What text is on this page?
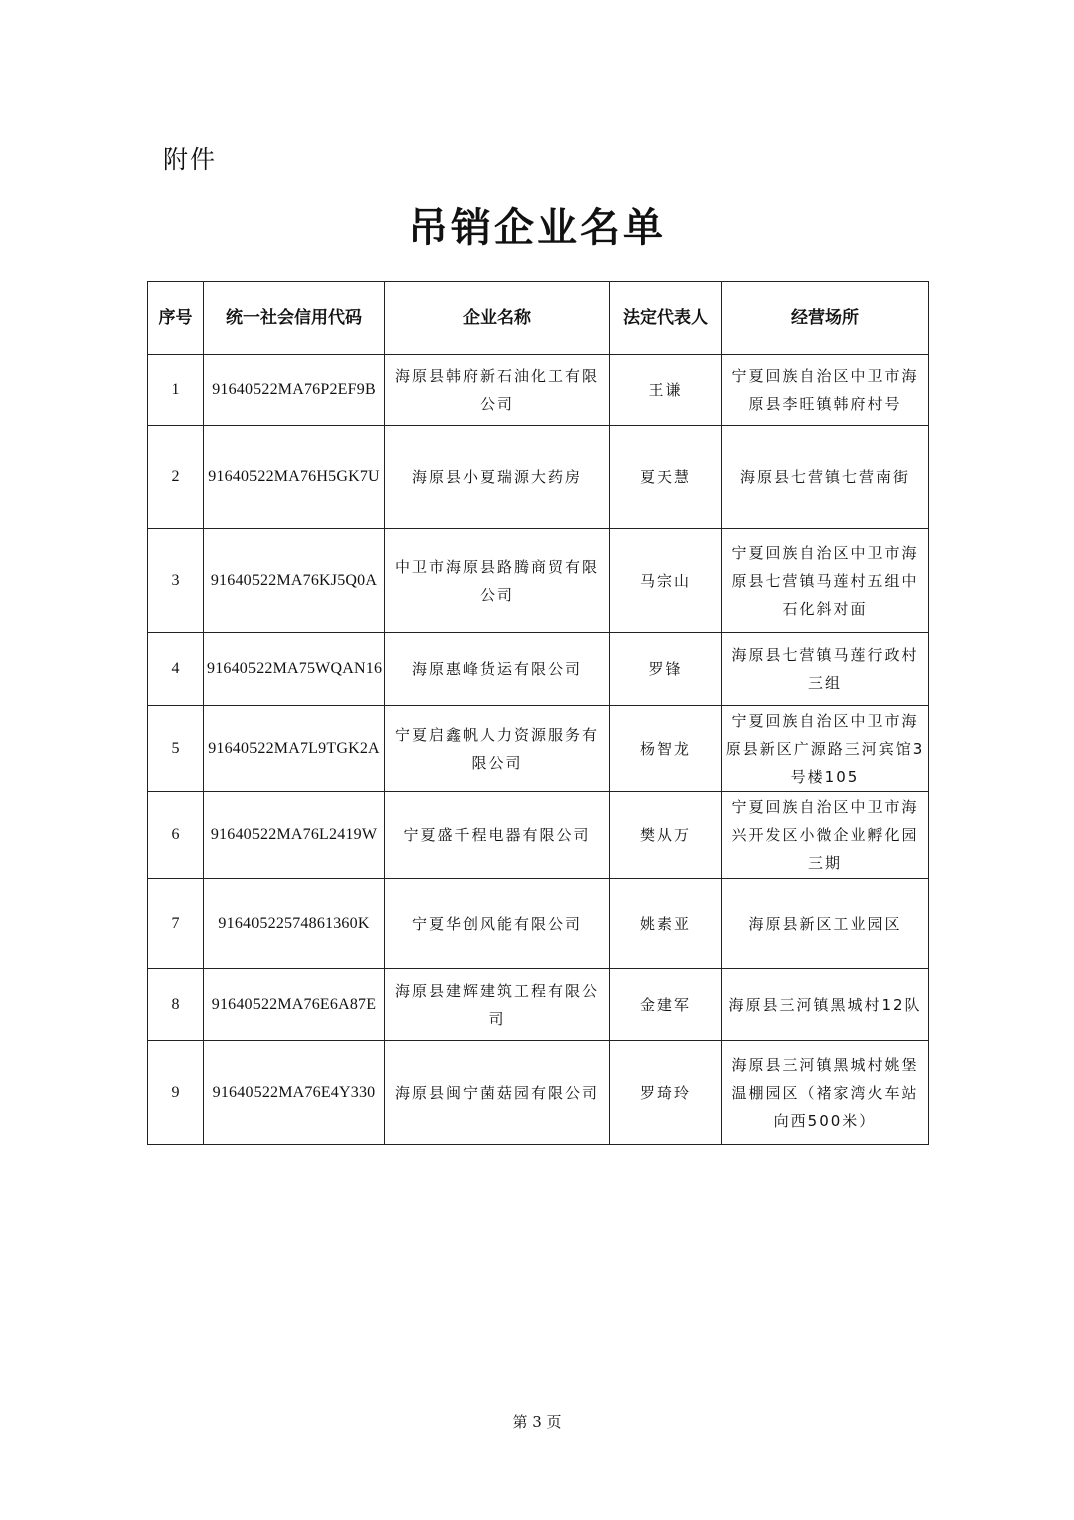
附件
吊销企业名单
序号	统一社会信用代码	企业名称	法定代表人	经营场所
1	91640522MA76P2EF9B	海原县韩府新石油化工有限公司	王谦	宁夏回族自治区中卫市海原县李旺镇韩府村号
2	91640522MA76H5GK7U	海原县小夏瑞源大药房	夏天慧	海原县七营镇七营南街
3	91640522MA76KJ5Q0A	中卫市海原县路腾商贸有限公司	马宗山	宁夏回族自治区中卫市海原县七营镇马莲村五组中石化斜对面
4	91640522MA75WQAN16	海原惠峰货运有限公司	罗锋	海原县七营镇马莲行政村三组
5	91640522MA7L9TGK2A	宁夏启鑫帆人力资源服务有限公司	杨智龙	宁夏回族自治区中卫市海原县新区广源路三河宾馆3号楼105
6	91640522MA76L2419W	宁夏盛千程电器有限公司	樊从万	宁夏回族自治区中卫市海兴开发区小微企业孵化园三期
7	91640522574861360K	宁夏华创风能有限公司	姚素亚	海原县新区工业园区
8	91640522MA76E6A87E	海原县建辉建筑工程有限公司	金建军	海原县三河镇黑城村12队
9	91640522MA76E4Y330	海原县闽宁菌菇园有限公司	罗琦玲	海原县三河镇黑城村姚堡温棚园区（褚家湾火车站向西500米）
第 3 页
